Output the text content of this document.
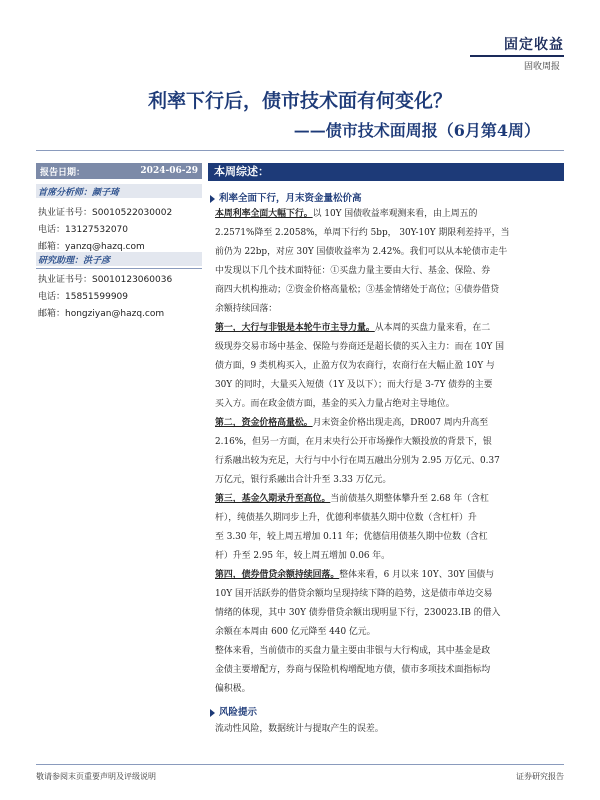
固定收益
固收周报
利率下行后，债市技术面有何变化？
——债市技术面周报（6月第4周）
报告日期：	2024-06-29
首席分析师：颜子琦
执业证书号：S0010522030002
电话：13127532070
邮箱：yanzq@hazq.com
研究助理：洪子彦
执业证书号：S0010123060036
电话：15851599909
邮箱：hongziyan@hazq.com
本周综述：
利率全面下行，月末资金量松价高
本周利率全面大幅下行。以 10Y 国债收益率观测来看，由上周五的
2.2571%降至 2.2058%，单周下行约 5bp， 30Y-10Y 期限利差持平，当
前仍为 22bp，对应 30Y 国债收益率为 2.42%。我们可以从本轮债市走牛
中发现以下几个技术面特征：①买盘力量主要由大行、基金、保险、券
商四大机构推动；②资金价格高量松；③基金情绪处于高位；④债券借贷
余额持续回落：
第一，大行与非银是本轮牛市主导力量。从本周的买盘力量来看，在二
级现券交易市场中基金、保险与券商还是超长债的买入主力：而在 10Y 国
债方面，9 类机构买入，止盈方仅为农商行，农商行在大幅止盈 10Y 与
30Y 的同时，大量买入短债（1Y 及以下）；而大行是 3-7Y 债券的主要
买入方。而在政金债方面，基金的买入力量占绝对主导地位。
第二，资金价格高量松。月末资金价格出现走高，DR007 周内升高至
2.16%，但另一方面，在月末央行公开市场操作大额投放的背景下，银
行系融出较为充足，大行与中小行在周五融出分别为 2.95 万亿元、0.37
万亿元，银行系融出合计升至 3.33 万亿元。
第三，基金久期录升至高位。当前债基久期整体攀升至 2.68 年（含杠
杆），纯债基久期同步上升，优德利率债基久期中位数（含杠杆）升
至 3.30 年，较上周五增加 0.11 年；优德信用债基久期中位数（含杠
杆）升至 2.95 年，较上周五增加 0.06 年。
第四，债券借贷余额持续回落。整体来看，6 月以来 10Y、30Y 国债与
10Y 国开活跃券的借贷余额均呈现持续下降的趋势，这是债市单边交易
情绪的体现，其中 30Y 债券借贷余额出现明显下行，230023.IB 的借入
余额在本周由 600 亿元降至 440 亿元。
整体来看，当前债市的买盘力量主要由非银与大行构成，其中基金是政
金债主要增配方，券商与保险机构增配地方债，债市多项技术面指标均
偏积极。
风险提示
流动性风险，数据统计与提取产生的误差。
敬请参阅末页重要声明及评级说明	证券研究报告
